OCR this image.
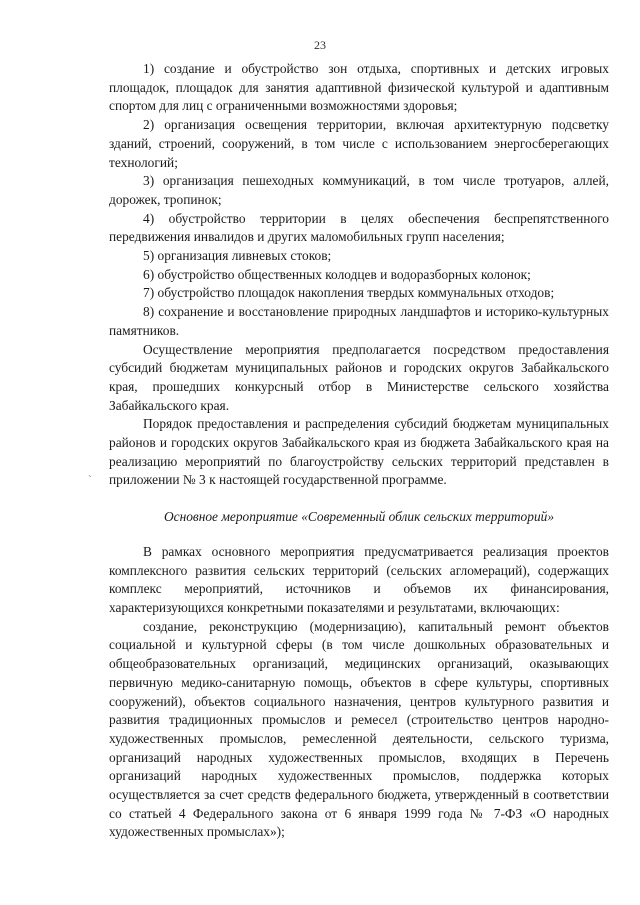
23
`

1) создание и обустройство зон отдыха, спортивных и детских игровых площадок, площадок для занятия адаптивной физической культурой и адаптивным спортом для лиц с ограниченными возможностями здоровья;

2) организация освещения территории, включая архитектурную подсветку зданий, строений, сооружений, в том числе с использованием энергосберегающих технологий;

3) организация пешеходных коммуникаций, в том числе тротуаров, аллей, дорожек, тропинок;

4) обустройство территории в целях обеспечения беспрепятственного передвижения инвалидов и других маломобильных групп населения;

5) организация ливневых стоков;

6) обустройство общественных колодцев и водоразборных колонок;

7) обустройство площадок накопления твердых коммунальных отходов;

8) сохранение и восстановление природных ландшафтов и историко-культурных памятников.

Осуществление мероприятия предполагается посредством предоставления субсидий бюджетам муниципальных районов и городских округов Забайкальского края, прошедших конкурсный отбор в Министерстве сельского хозяйства Забайкальского края.

Порядок предоставления и распределения субсидий бюджетам муниципальных районов и городских округов Забайкальского края из бюджета Забайкальского края на реализацию мероприятий по благоустройству сельских территорий представлен в приложении № 3 к настоящей государственной программе.

Основное мероприятие «Современный облик сельских территорий»

В рамках основного мероприятия предусматривается реализация проектов комплексного развития сельских территорий (сельских агломераций), содержащих комплекс мероприятий, источников и объемов их финансирования, характеризующихся конкретными показателями и результатами, включающих:

создание, реконструкцию (модернизацию), капитальный ремонт объектов социальной и культурной сферы (в том числе дошкольных образовательных и общеобразовательных организаций, медицинских организаций, оказывающих первичную медико-санитарную помощь, объектов в сфере культуры, спортивных сооружений), объектов социального назначения, центров культурного развития и развития традиционных промыслов и ремесел (строительство центров народно-художественных промыслов, ремесленной деятельности, сельского туризма, организаций народных художественных промыслов, входящих в Перечень организаций народных художественных промыслов, поддержка которых осуществляется за счет средств федерального бюджета, утвержденный в соответствии со статьей 4 Федерального закона от 6 января 1999 года № 7-ФЗ «О народных художественных промыслах»);
